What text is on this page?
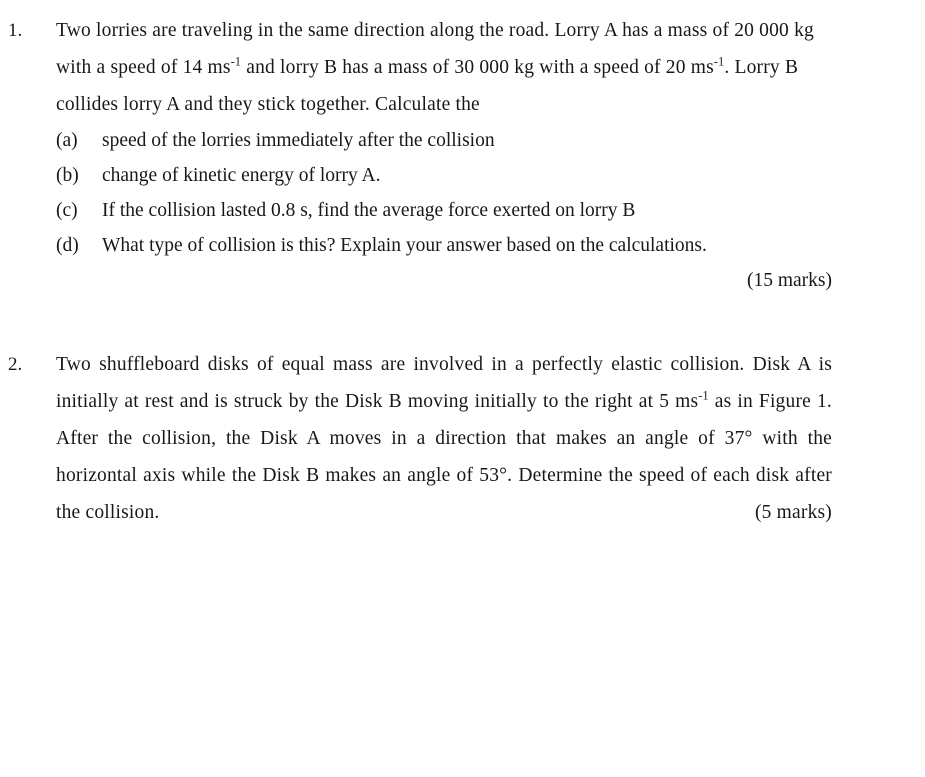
1.	Two lorries are traveling in the same direction along the road. Lorry A has a mass of 20 000 kg with a speed of 14 $ms^{-1}$ and lorry B has a mass of 30 000 kg with a speed of 20 $ms^{-1}$. Lorry B collides lorry A and they stick together. Calculate the
(a) speed of the lorries immediately after the collision
(b) change of kinetic energy of lorry A.
(c) If the collision lasted 0.8 s, find the average force exerted on lorry B
(d) What type of collision is this? Explain your answer based on the calculations.
(15 marks)
2.	Two shuffleboard disks of equal mass are involved in a perfectly elastic collision. Disk A is initially at rest and is struck by the Disk B moving initially to the right at 5 $ms^{-1}$ as in Figure 1. After the collision, the Disk A moves in a direction that makes an angle of 37° with the horizontal axis while the Disk B makes an angle of 53°. Determine the speed of each disk after the collision.	(5 marks)
